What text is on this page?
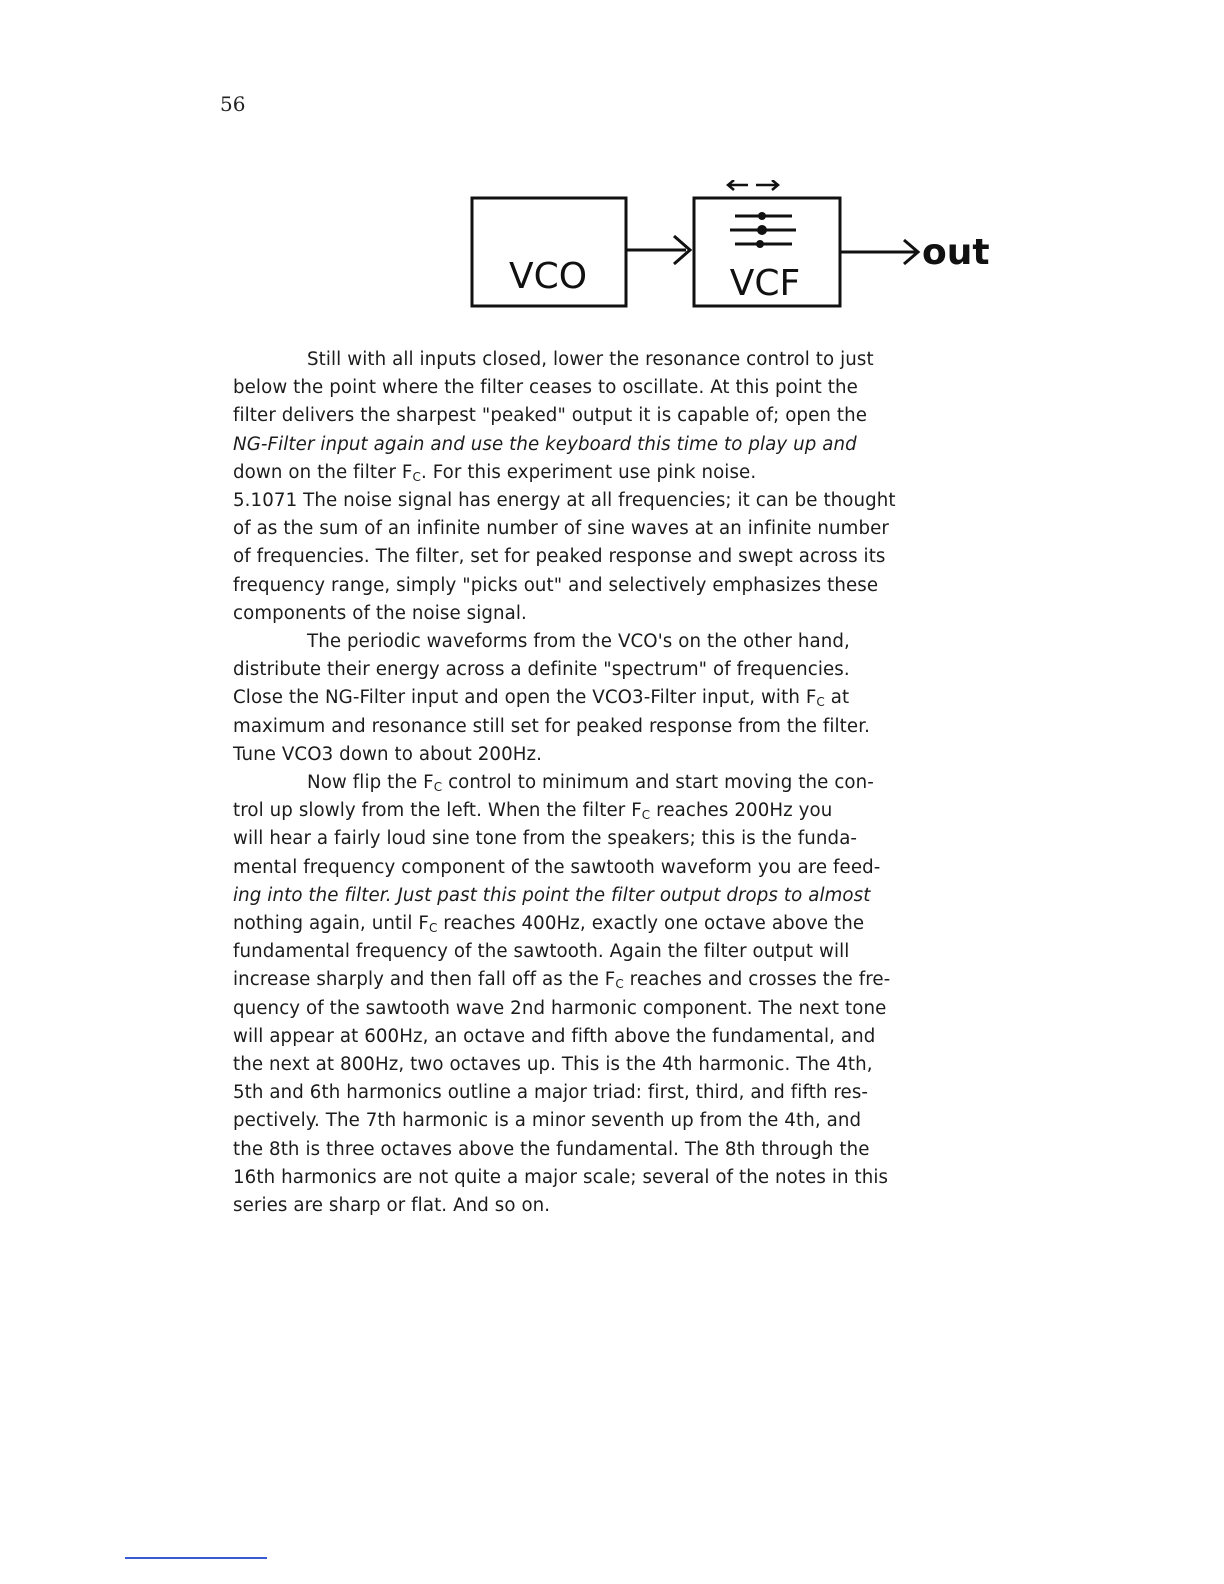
56
VCO	VCF
out

Still with all inputs closed, lower the resonance control to just
below the point where the filter ceases to oscillate. At this point the
filter delivers the sharpest "peaked" output it is capable of; open the
NG-Filter input again and use the keyboard this time to play up and
down on the filter $F_C$. For this experiment use pink noise.

5.1071 The noise signal has energy at all frequencies; it can be thought
of as the sum of an infinite number of sine waves at an infinite number
of frequencies. The filter, set for peaked response and swept across its
frequency range, simply "picks out" and selectively emphasizes these
components of the noise signal.

The periodic waveforms from the VCO's on the other hand,
distribute their energy across a definite "spectrum" of frequencies.
Close the NG-Filter input and open the VCO3-Filter input, with $F_C$ at
maximum and resonance still set for peaked response from the filter.
Tune VCO3 down to about 200Hz.

Now flip the $F_C$ control to minimum and start moving the con-
trol up slowly from the left. When the filter $F_C$ reaches 200Hz you
will hear a fairly loud sine tone from the speakers; this is the funda-
mental frequency component of the sawtooth waveform you are feed-
ing into the filter. Just past this point the filter output drops to almost
nothing again, until $F_C$ reaches 400Hz, exactly one octave above the
fundamental frequency of the sawtooth. Again the filter output will
increase sharply and then fall off as the $F_C$ reaches and crosses the fre-
quency of the sawtooth wave 2nd harmonic component. The next tone
will appear at 600Hz, an octave and fifth above the fundamental, and
the next at 800Hz, two octaves up. This is the 4th harmonic. The 4th,
5th and 6th harmonics outline a major triad: first, third, and fifth res-
pectively. The 7th harmonic is a minor seventh up from the 4th, and
the 8th is three octaves above the fundamental. The 8th through the
16th harmonics are not quite a major scale; several of the notes in this
series are sharp or flat. And so on.
